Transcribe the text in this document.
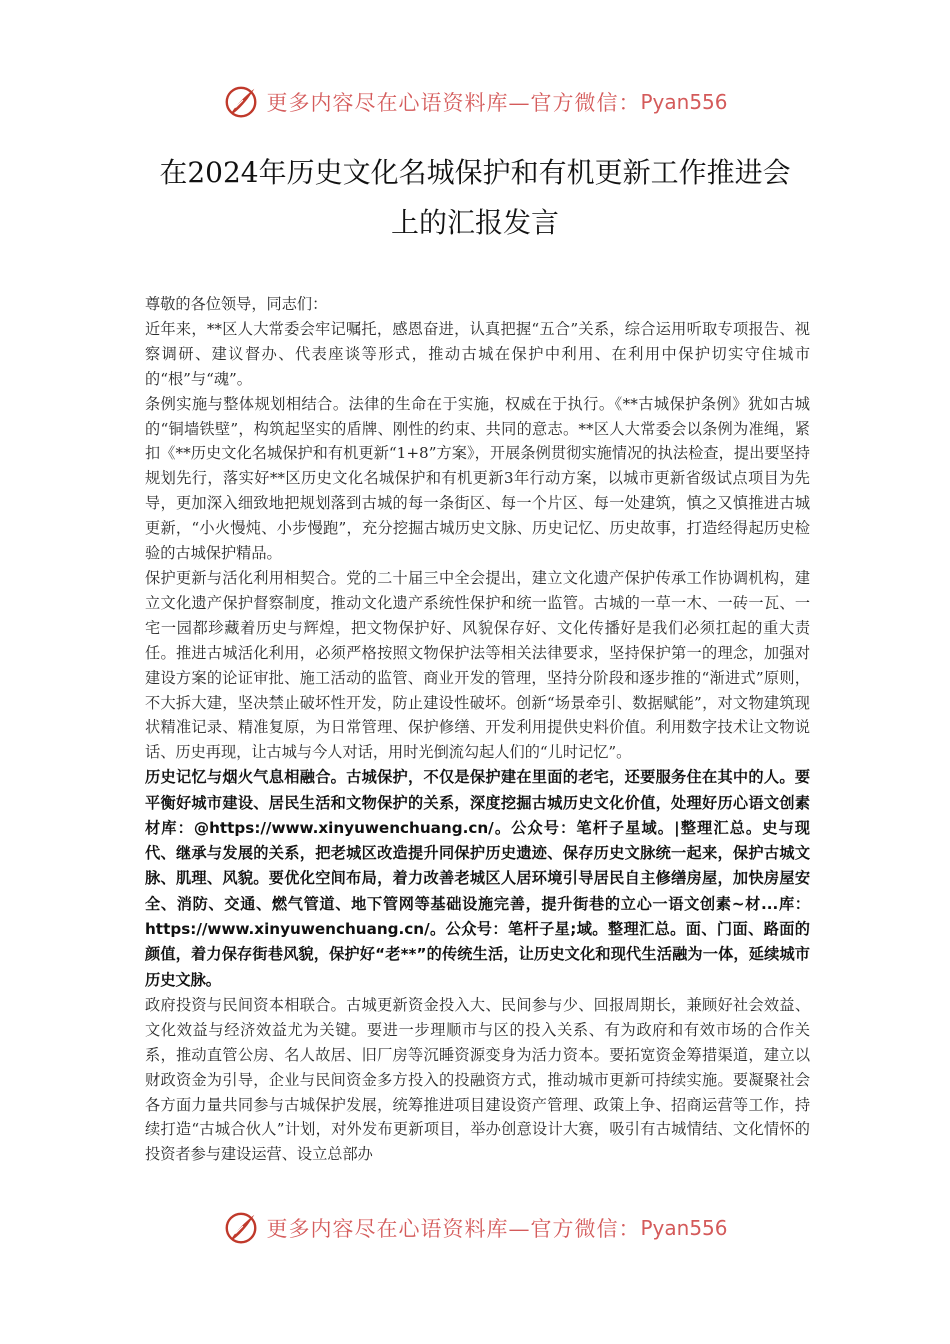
更多内容尽在心语资料库—官方微信： Pyan556
在2024年历史文化名城保护和有机更新工作推进会
上的汇报发言

尊敬的各位领导，同志们：

近年来，**区人大常委会牢记嘱托，感恩奋进，认真把握“五合”关系，综合运用听取专项报告、视察调研、建议督办、代表座谈等形式，推动古城在保护中利用、在利用中保护切实守住城市的“根”与“魂”。

条例实施与整体规划相结合。法律的生命在于实施，权威在于执行。《**古城保护条例》犹如古城的“铜墙铁壁”，构筑起坚实的盾牌、刚性的约束、共同的意志。**区人大常委会以条例为准绳，紧扣《**历史文化名城保护和有机更新“1+8”方案》，开展条例贯彻实施情况的执法检查，提出要坚持规划先行，落实好**区历史文化名城保护和有机更新3年行动方案，以城市更新省级试点项目为先导，更加深入细致地把规划落到古城的每一条街区、每一个片区、每一处建筑，慎之又慎推进古城更新，“小火慢炖、小步慢跑”，充分挖掘古城历史文脉、历史记忆、历史故事，打造经得起历史检验的古城保护精品。

保护更新与活化利用相契合。党的二十届三中全会提出，建立文化遗产保护传承工作协调机构，建立文化遗产保护督察制度，推动文化遗产系统性保护和统一监管。古城的一草一木、一砖一瓦、一宅一园都珍藏着历史与辉煌，把文物保护好、风貌保存好、文化传播好是我们必须扛起的重大责任。推进古城活化利用，必须严格按照文物保护法等相关法律要求，坚持保护第一的理念，加强对建设方案的论证审批、施工活动的监管、商业开发的管理，坚持分阶段和逐步推的“渐进式”原则，不大拆大建，坚决禁止破坏性开发，防止建设性破坏。创新“场景牵引、数据赋能”，对文物建筑现状精准记录、精准复原，为日常管理、保护修缮、开发利用提供史料价值。利用数字技术让文物说话、历史再现，让古城与今人对话，用时光倒流勾起人们的“儿时记忆”。

历史记忆与烟火气息相融合。古城保护，不仅是保护建在里面的老宅，还要服务住在其中的人。要平衡好城市建设、居民生活和文物保护的关系，深度挖掘古城历史文化价值，处理好历心语文创素材库：@https://www.xinyuwenchuang.cn/。公众号：笔杆子星域。|整理汇总。史与现代、继承与发展的关系，把老城区改造提升同保护历史遗迹、保存历史文脉统一起来，保护古城文脉、肌理、风貌。要优化空间布局，着力改善老城区人居环境引导居民自主修缮房屋，加快房屋安全、消防、交通、燃气管道、地下管网等基础设施完善，提升街巷的立心一语文创素~材...库：https://www.xinyuwenchuang.cn/。公众号：笔杆子星;域。整理汇总。面、门面、路面的颜值，着力保存街巷风貌，保护好“老**”的传统生活，让历史文化和现代生活融为一体，延续城市历史文脉。

政府投资与民间资本相联合。古城更新资金投入大、民间参与少、回报周期长，兼顾好社会效益、文化效益与经济效益尤为关键。要进一步理顺市与区的投入关系、有为政府和有效市场的合作关系，推动直管公房、名人故居、旧厂房等沉睡资源变身为活力资本。要拓宽资金筹措渠道，建立以财政资金为引导，企业与民间资金多方投入的投融资方式，推动城市更新可持续实施。要凝聚社会各方面力量共同参与古城保护发展，统筹推进项目建设资产管理、政策上争、招商运营等工作，持续打造“古城合伙人”计划，对外发布更新项目，举办创意设计大赛，吸引有古城情结、文化情怀的投资者参与建设运营、设立总部办

更多内容尽在心语资料库—官方微信： Pyan556
